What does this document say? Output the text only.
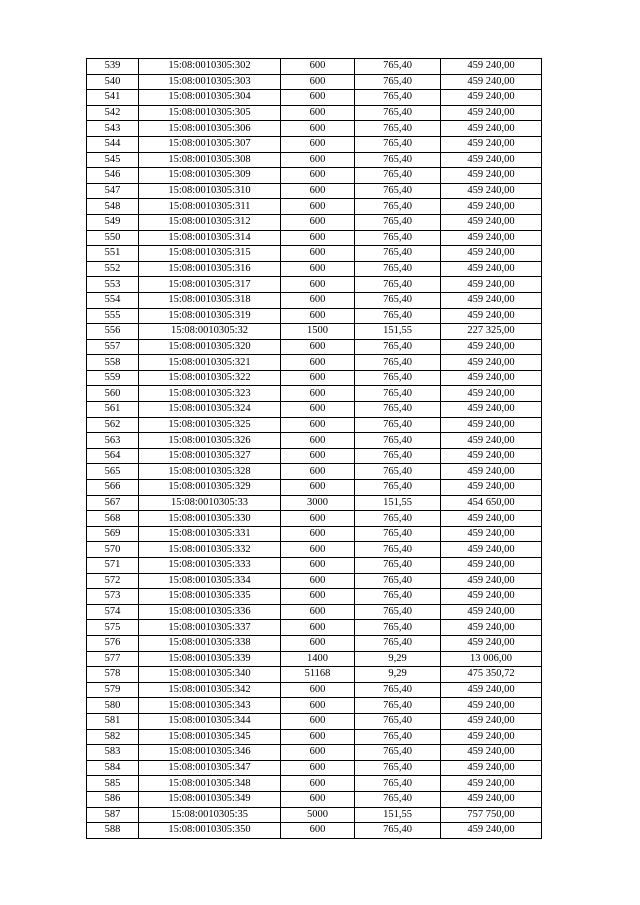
539	15:08:0010305:302	600	765,40	459 240,00
540	15:08:0010305:303	600	765,40	459 240,00
541	15:08:0010305:304	600	765,40	459 240,00
542	15:08:0010305:305	600	765,40	459 240,00
543	15:08:0010305:306	600	765,40	459 240,00
544	15:08:0010305:307	600	765,40	459 240,00
545	15:08:0010305:308	600	765,40	459 240,00
546	15:08:0010305:309	600	765,40	459 240,00
547	15:08:0010305:310	600	765,40	459 240,00
548	15:08:0010305:311	600	765,40	459 240,00
549	15:08:0010305:312	600	765,40	459 240,00
550	15:08:0010305:314	600	765,40	459 240,00
551	15:08:0010305:315	600	765,40	459 240,00
552	15:08:0010305:316	600	765,40	459 240,00
553	15:08:0010305:317	600	765,40	459 240,00
554	15:08:0010305:318	600	765,40	459 240,00
555	15:08:0010305:319	600	765,40	459 240,00
556	15:08:0010305:32	1500	151,55	227 325,00
557	15:08:0010305:320	600	765,40	459 240,00
558	15:08:0010305:321	600	765,40	459 240,00
559	15:08:0010305:322	600	765,40	459 240,00
560	15:08:0010305:323	600	765,40	459 240,00
561	15:08:0010305:324	600	765,40	459 240,00
562	15:08:0010305:325	600	765,40	459 240,00
563	15:08:0010305:326	600	765,40	459 240,00
564	15:08:0010305:327	600	765,40	459 240,00
565	15:08:0010305:328	600	765,40	459 240,00
566	15:08:0010305:329	600	765,40	459 240,00
567	15:08:0010305:33	3000	151,55	454 650,00
568	15:08:0010305:330	600	765,40	459 240,00
569	15:08:0010305:331	600	765,40	459 240,00
570	15:08:0010305:332	600	765,40	459 240,00
571	15:08:0010305:333	600	765,40	459 240,00
572	15:08:0010305:334	600	765,40	459 240,00
573	15:08:0010305:335	600	765,40	459 240,00
574	15:08:0010305:336	600	765,40	459 240,00
575	15:08:0010305:337	600	765,40	459 240,00
576	15:08:0010305:338	600	765,40	459 240,00
577	15:08:0010305:339	1400	9,29	13 006,00
578	15:08:0010305:340	51168	9,29	475 350,72
579	15:08:0010305:342	600	765,40	459 240,00
580	15:08:0010305:343	600	765,40	459 240,00
581	15:08:0010305:344	600	765,40	459 240,00
582	15:08:0010305:345	600	765,40	459 240,00
583	15:08:0010305:346	600	765,40	459 240,00
584	15:08:0010305:347	600	765,40	459 240,00
585	15:08:0010305:348	600	765,40	459 240,00
586	15:08:0010305:349	600	765,40	459 240,00
587	15:08:0010305:35	5000	151,55	757 750,00
588	15:08:0010305:350	600	765,40	459 240,00
